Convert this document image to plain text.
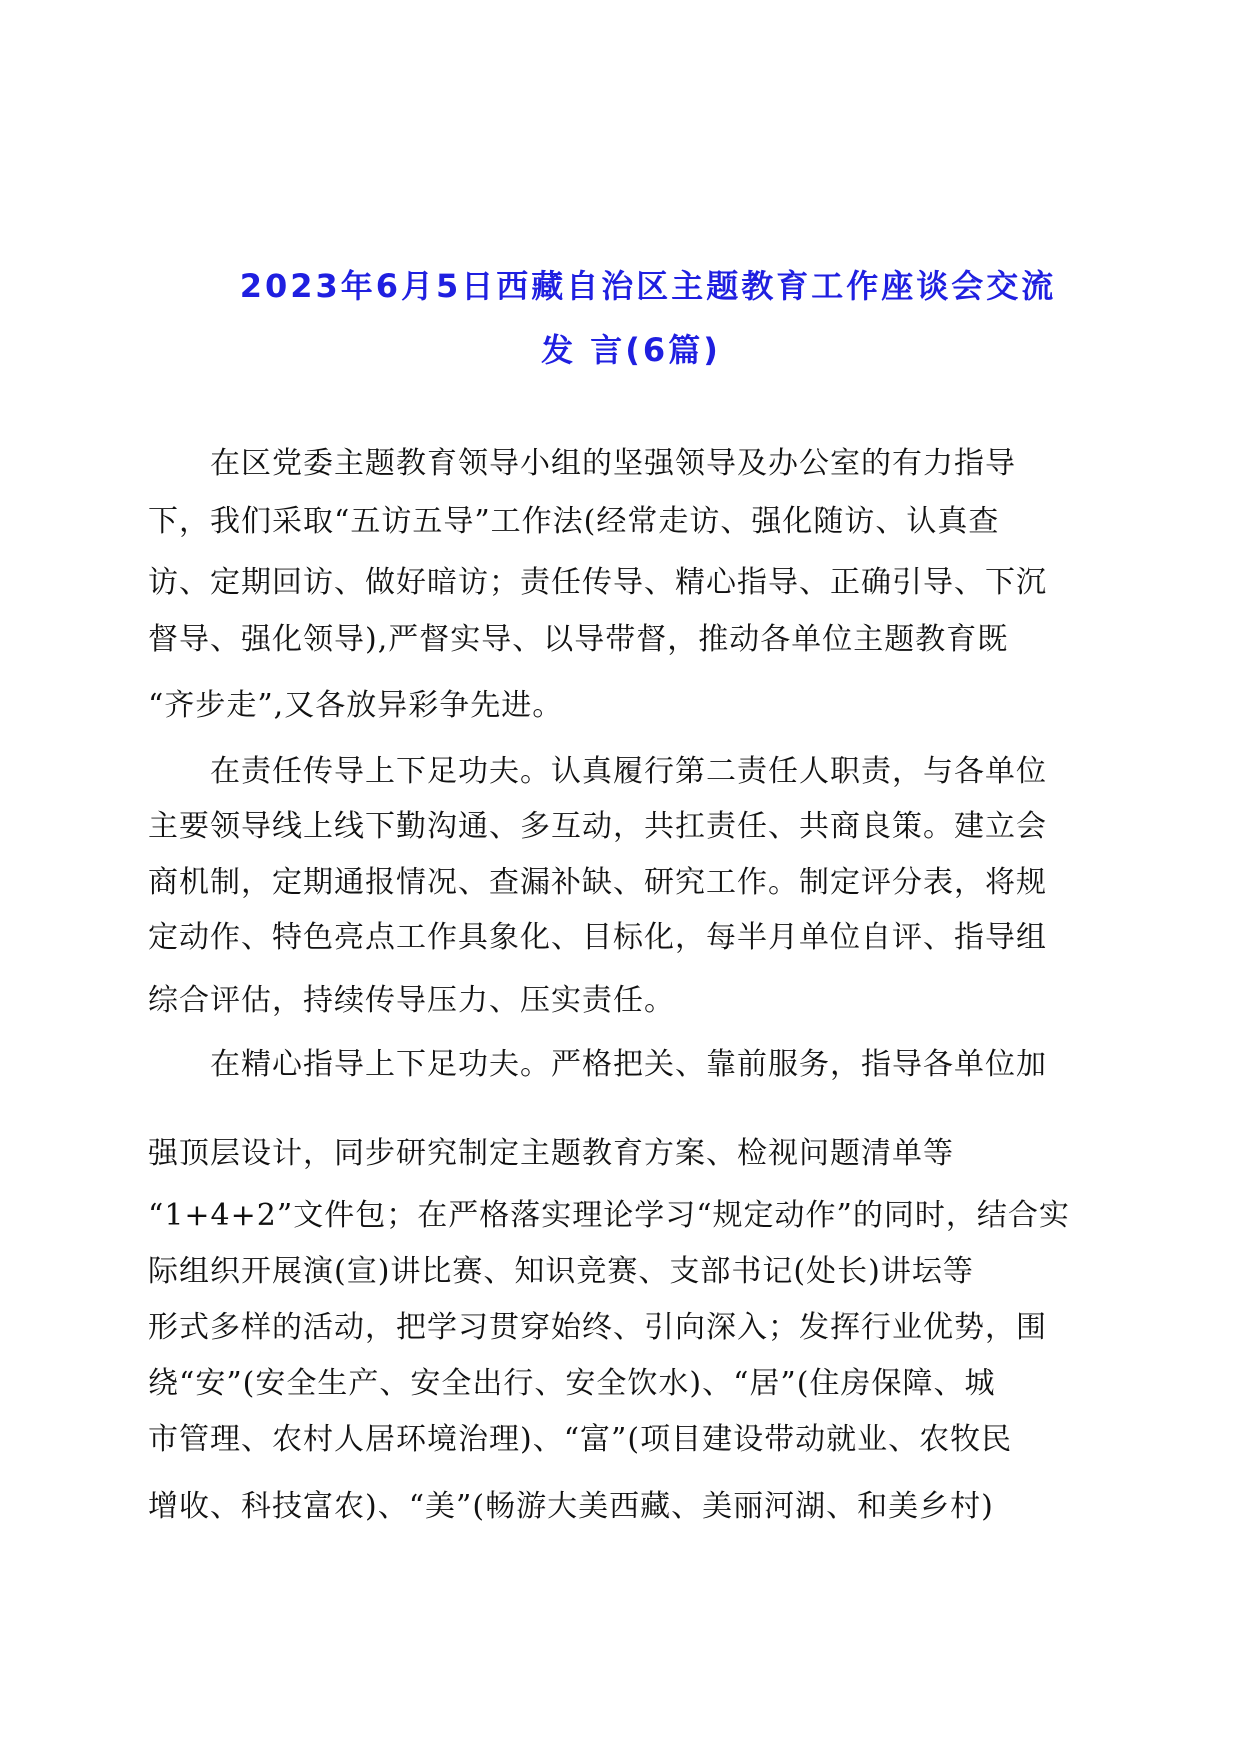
2023年6月5日西藏自治区主题教育工作座谈会交流
发 言(6篇)
在区党委主题教育领导小组的坚强领导及办公室的有力指导
下，我们采取“五访五导”工作法(经常走访、强化随访、认真查
访、定期回访、做好暗访；责任传导、精心指导、正确引导、下沉
督导、强化领导),严督实导、以导带督，推动各单位主题教育既
“齐步走”,又各放异彩争先进。
在责任传导上下足功夫。认真履行第二责任人职责，与各单位
主要领导线上线下勤沟通、多互动，共扛责任、共商良策。建立会
商机制，定期通报情况、查漏补缺、研究工作。制定评分表，将规
定动作、特色亮点工作具象化、目标化，每半月单位自评、指导组
综合评估，持续传导压力、压实责任。
在精心指导上下足功夫。严格把关、靠前服务，指导各单位加
强顶层设计，同步研究制定主题教育方案、检视问题清单等
“1+4+2”文件包；在严格落实理论学习“规定动作”的同时，结合实
际组织开展演(宣)讲比赛、知识竞赛、支部书记(处长)讲坛等
形式多样的活动，把学习贯穿始终、引向深入；发挥行业优势，围
绕“安”(安全生产、安全出行、安全饮水)、“居”(住房保障、城
市管理、农村人居环境治理)、“富”(项目建设带动就业、农牧民
增收、科技富农)、“美”(畅游大美西藏、美丽河湖、和美乡村)
